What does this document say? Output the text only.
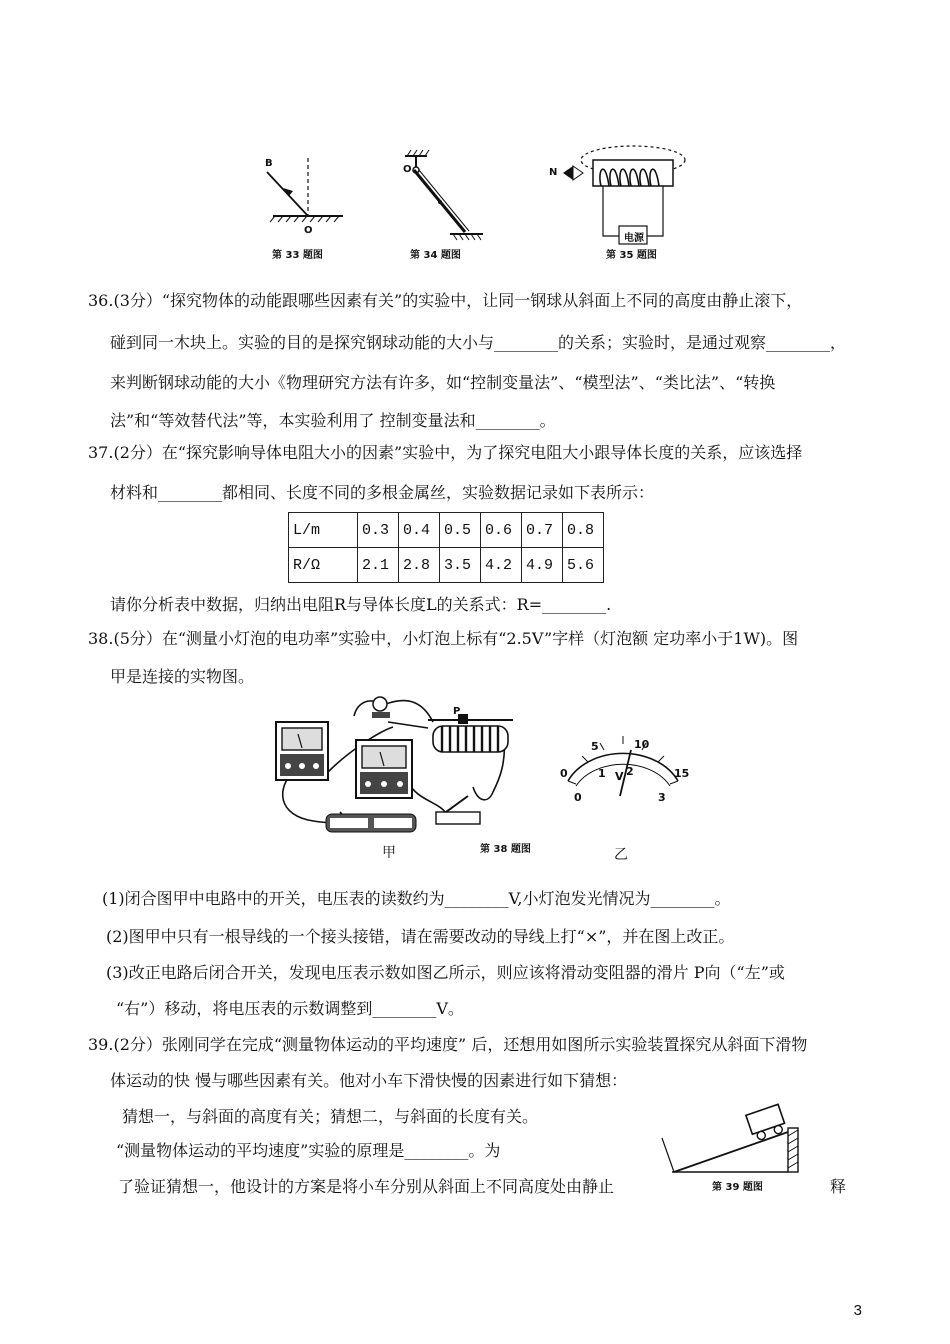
B
O
第 33 题图
O
第 34 题图
N
电源
第 35 题图
36.(3分）“探究物体的动能跟哪些因素有关”的实验中，让同一钢球从斜面上不同的高度由静止滚下，
碰到同一木块上。实验的目的是探究钢球动能的大小与________的关系；实验时，是通过观察________，
来判断钢球动能的大小《物理研究方法有许多，如“控制变量法”、“模型法”、“类比法”、“转换
法”和“等效替代法”等，本实验利用了 控制变量法和________。
37.(2分）在“探究影响导体电阻大小的因素”实验中，为了探究电阻大小跟导体长度的关系，应该选择
材料和________都相同、长度不同的多根金属丝，实验数据记录如下表所示：
L/m	0.3	0.4	0.5	0.6	0.7	0.8
R/Ω	2.1	2.8	3.5	4.2	4.9	5.6
请你分析表中数据，归纳出电阻R与导体长度L的关系式：R=________.
38.(5分）在“测量小灯泡的电功率”实验中，小灯泡上标有“2.5V”字样（灯泡额 定功率小于1W)。图
甲是连接的实物图。
P
第 38 题图
甲
0
5	10
15
0
1 V 2
3
乙
(1)闭合图甲中电路中的开关，电压表的读数约为________V,小灯泡发光情况为________。
(2)图甲中只有一根导线的一个接头接错，请在需要改动的导线上打“×”，并在图上改正。
(3)改正电路后闭合开关，发现电压表示数如图乙所示，则应该将滑动变阻器的滑片 P向（“左”或
“右”）移动，将电压表的示数调整到________V。
39.(2分）张刚同学在完成“测量物体运动的平均速度” 后，还想用如图所示实验装置探究从斜面下滑物
体运动的快 慢与哪些因素有关。他对小车下滑快慢的因素进行如下猜想：
猜想一，与斜面的高度有关；猜想二，与斜面的长度有关。
“测量物体运动的平均速度”实验的原理是________。为
了验证猜想一，他设计的方案是将小车分别从斜面上不同高度处由静止	释
第 39 题图
3
